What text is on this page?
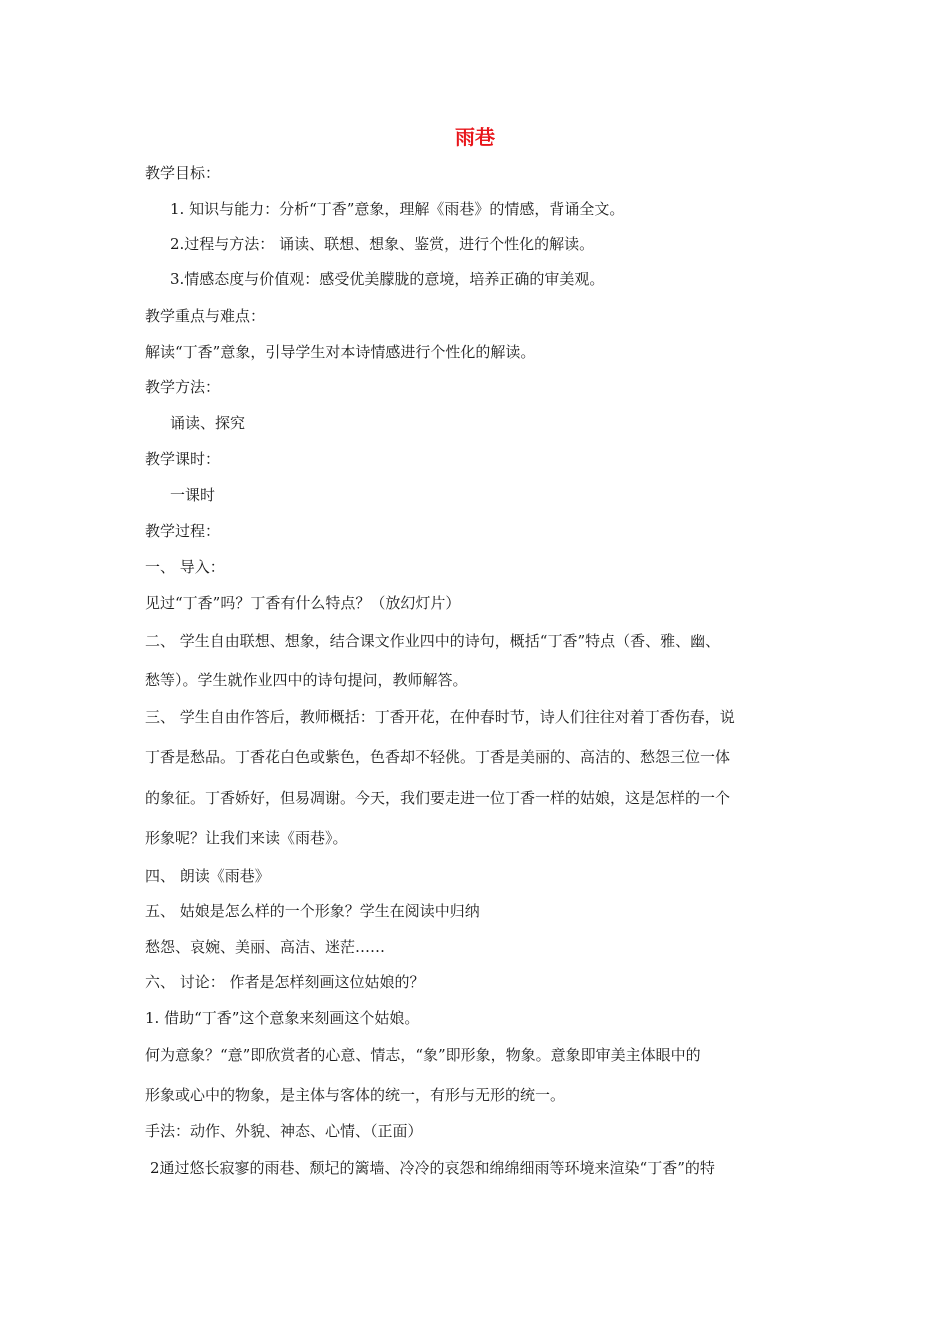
雨巷

教学目标：

1. 知识与能力：分析“丁香”意象，理解《雨巷》的情感，背诵全文。

2.过程与方法： 诵读、联想、想象、鉴赏，进行个性化的解读。

3.情感态度与价值观：感受优美朦胧的意境，培养正确的审美观。

教学重点与难点：

解读“丁香”意象，引导学生对本诗情感进行个性化的解读。

教学方法：

诵读、探究

教学课时：

一课时

教学过程：

一、 导入：

见过“丁香”吗？丁香有什么特点？（放幻灯片）

二、 学生自由联想、想象，结合课文作业四中的诗句，概括“丁香”特点（香、雅、幽、

愁等）。学生就作业四中的诗句提问，教师解答。

三、 学生自由作答后，教师概括：丁香开花，在仲春时节，诗人们往往对着丁香伤春，说

丁香是愁品。丁香花白色或紫色，色香却不轻佻。丁香是美丽的、高洁的、愁怨三位一体

的象征。丁香娇好，但易凋谢。今天，我们要走进一位丁香一样的姑娘，这是怎样的一个

形象呢？让我们来读《雨巷》。

四、 朗读《雨巷》

五、 姑娘是怎么样的一个形象？学生在阅读中归纳

愁怨、哀婉、美丽、高洁、迷茫……

六、 讨论： 作者是怎样刻画这位姑娘的？

1. 借助“丁香”这个意象来刻画这个姑娘。

何为意象？“意”即欣赏者的心意、情志，“象”即形象，物象。意象即审美主体眼中的

形象或心中的物象，是主体与客体的统一，有形与无形的统一。

手法：动作、外貌、神态、心情、（正面）

2通过悠长寂寥的雨巷、颓圮的篱墙、冷冷的哀怨和绵绵细雨等环境来渲染“丁香”的特
